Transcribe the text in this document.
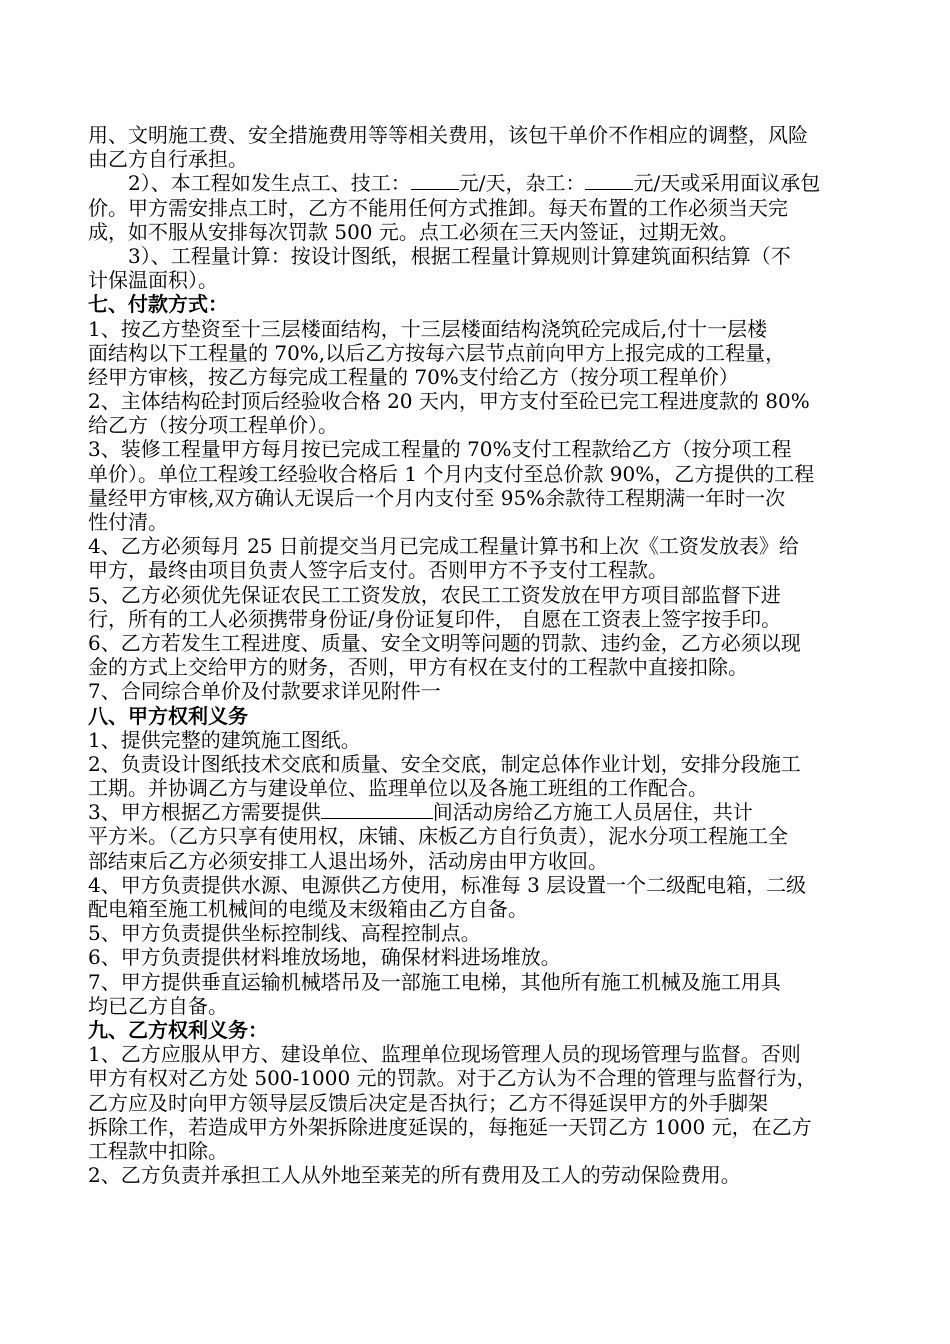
用、文明施工费、安全措施费用等等相关费用，该包干单价不作相应的调整，风险
由乙方自行承担。
2）、本工程如发生点工、技工： 元/天，杂工： 元/天或采用面议承包
价。甲方需安排点工时，乙方不能用任何方式推卸。每天布置的工作必须当天完
成，如不服从安排每次罚款 500 元。点工必须在三天内签证，过期无效。
3）、工程量计算：按设计图纸，根据工程量计算规则计算建筑面积结算（不
计保温面积）。
七、付款方式：
1、按乙方垫资至十三层楼面结构，十三层楼面结构浇筑砼完成后,付十一层楼
面结构以下工程量的 70%,以后乙方按每六层节点前向甲方上报完成的工程量，
经甲方审核，按乙方每完成工程量的 70%支付给乙方（按分项工程单价）
2、主体结构砼封顶后经验收合格 20 天内，甲方支付至砼已完工程进度款的 80%
给乙方（按分项工程单价）。
3、装修工程量甲方每月按已完成工程量的 70%支付工程款给乙方（按分项工程
单价）。单位工程竣工经验收合格后 1 个月内支付至总价款 90%，乙方提供的工程
量经甲方审核,双方确认无误后一个月内支付至 95%余款待工程期满一年时一次
性付清。
4、乙方必须每月 25 日前提交当月已完成工程量计算书和上次《工资发放表》给
甲方，最终由项目负责人签字后支付。否则甲方不予支付工程款。
5、乙方必须优先保证农民工工资发放，农民工工资发放在甲方项目部监督下进
行，所有的工人必须携带身份证/身份证复印件， 自愿在工资表上签字按手印。
6、乙方若发生工程进度、质量、安全文明等问题的罚款、违约金，乙方必须以现
金的方式上交给甲方的财务，否则，甲方有权在支付的工程款中直接扣除。
7、合同综合单价及付款要求详见附件一
八、甲方权利义务
1、提供完整的建筑施工图纸。
2、负责设计图纸技术交底和质量、安全交底，制定总体作业计划，安排分段施工
工期。并协调乙方与建设单位、监理单位以及各施工班组的工作配合。
3、甲方根据乙方需要提供	间活动房给乙方施工人员居住，共计
平方米。（乙方只享有使用权，床铺、床板乙方自行负责），泥水分项工程施工全
部结束后乙方必须安排工人退出场外，活动房由甲方收回。
4、甲方负责提供水源、电源供乙方使用，标准每 3 层设置一个二级配电箱，二级
配电箱至施工机械间的电缆及末级箱由乙方自备。
5、甲方负责提供坐标控制线、高程控制点。
6、甲方负责提供材料堆放场地，确保材料进场堆放。
7、甲方提供垂直运输机械塔吊及一部施工电梯，其他所有施工机械及施工用具
均已乙方自备。
九、乙方权利义务：
1、乙方应服从甲方、建设单位、监理单位现场管理人员的现场管理与监督。否则
甲方有权对乙方处 500-1000 元的罚款。对于乙方认为不合理的管理与监督行为，
乙方应及时向甲方领导层反馈后决定是否执行；乙方不得延误甲方的外手脚架
拆除工作，若造成甲方外架拆除进度延误的，每拖延一天罚乙方 1000 元，在乙方
工程款中扣除。
2、乙方负责并承担工人从外地至莱芜的所有费用及工人的劳动保险费用。
